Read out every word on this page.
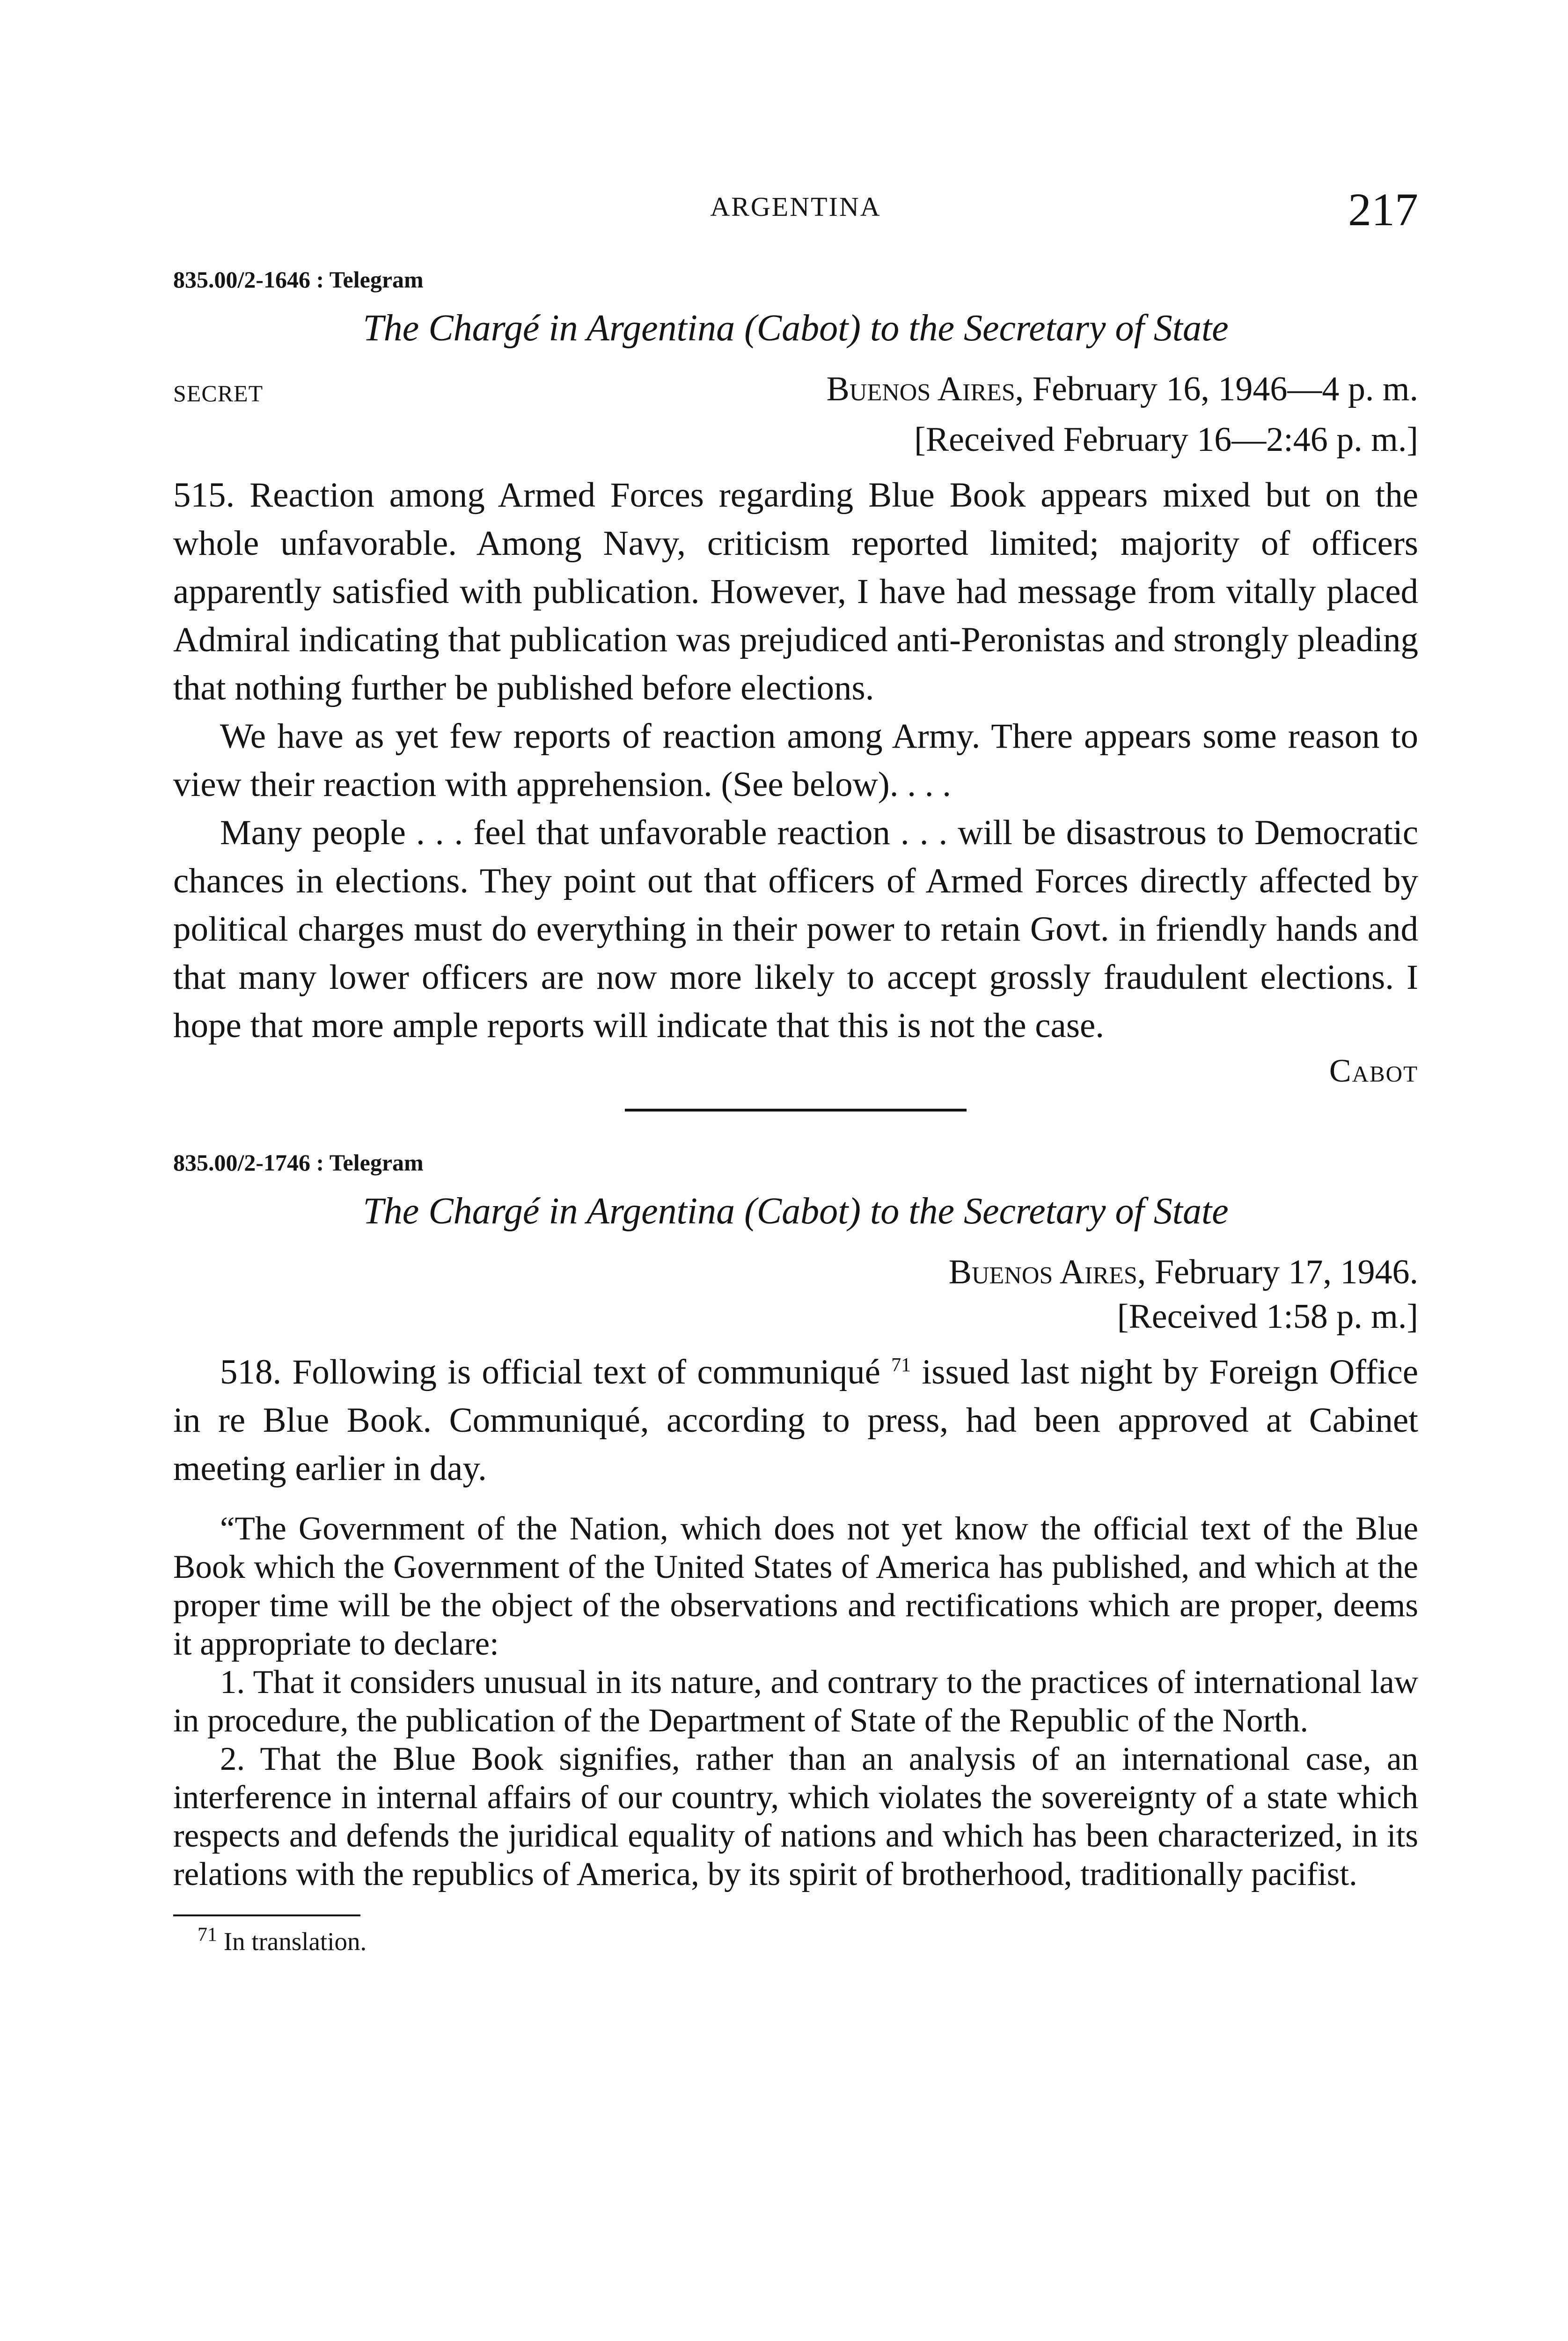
ARGENTINA	217
835.00/2-1646 : Telegram
The Chargé in Argentina (Cabot) to the Secretary of State
SECRET	Buenos Aires, February 16, 1946—4 p. m.
[Received February 16—2:46 p. m.]

515. Reaction among Armed Forces regarding Blue Book appears mixed but on the whole unfavorable. Among Navy, criticism reported limited; majority of officers apparently satisfied with publication. However, I have had message from vitally placed Admiral indicating that publication was prejudiced anti-Peronistas and strongly pleading that nothing further be published before elections.

We have as yet few reports of reaction among Army. There appears some reason to view their reaction with apprehension. (See below). . . .

Many people . . . feel that unfavorable reaction . . . will be disastrous to Democratic chances in elections. They point out that officers of Armed Forces directly affected by political charges must do everything in their power to retain Govt. in friendly hands and that many lower officers are now more likely to accept grossly fraudulent elections. I hope that more ample reports will indicate that this is not the case.

Cabot
835.00/2-1746 : Telegram
The Chargé in Argentina (Cabot) to the Secretary of State
Buenos Aires, February 17, 1946.
[Received 1:58 p. m.]

518. Following is official text of communiqué $^{71}$ issued last night by Foreign Office in re Blue Book. Communiqué, according to press, had been approved at Cabinet meeting earlier in day.

“The Government of the Nation, which does not yet know the official text of the Blue Book which the Government of the United States of America has published, and which at the proper time will be the object of the observations and rectifications which are proper, deems it appropriate to declare:

1. That it considers unusual in its nature, and contrary to the practices of international law in procedure, the publication of the Department of State of the Republic of the North.

2. That the Blue Book signifies, rather than an analysis of an international case, an interference in internal affairs of our country, which violates the sovereignty of a state which respects and defends the juridical equality of nations and which has been characterized, in its relations with the republics of America, by its spirit of brotherhood, traditionally pacifist.

$^{71}$ In translation.
